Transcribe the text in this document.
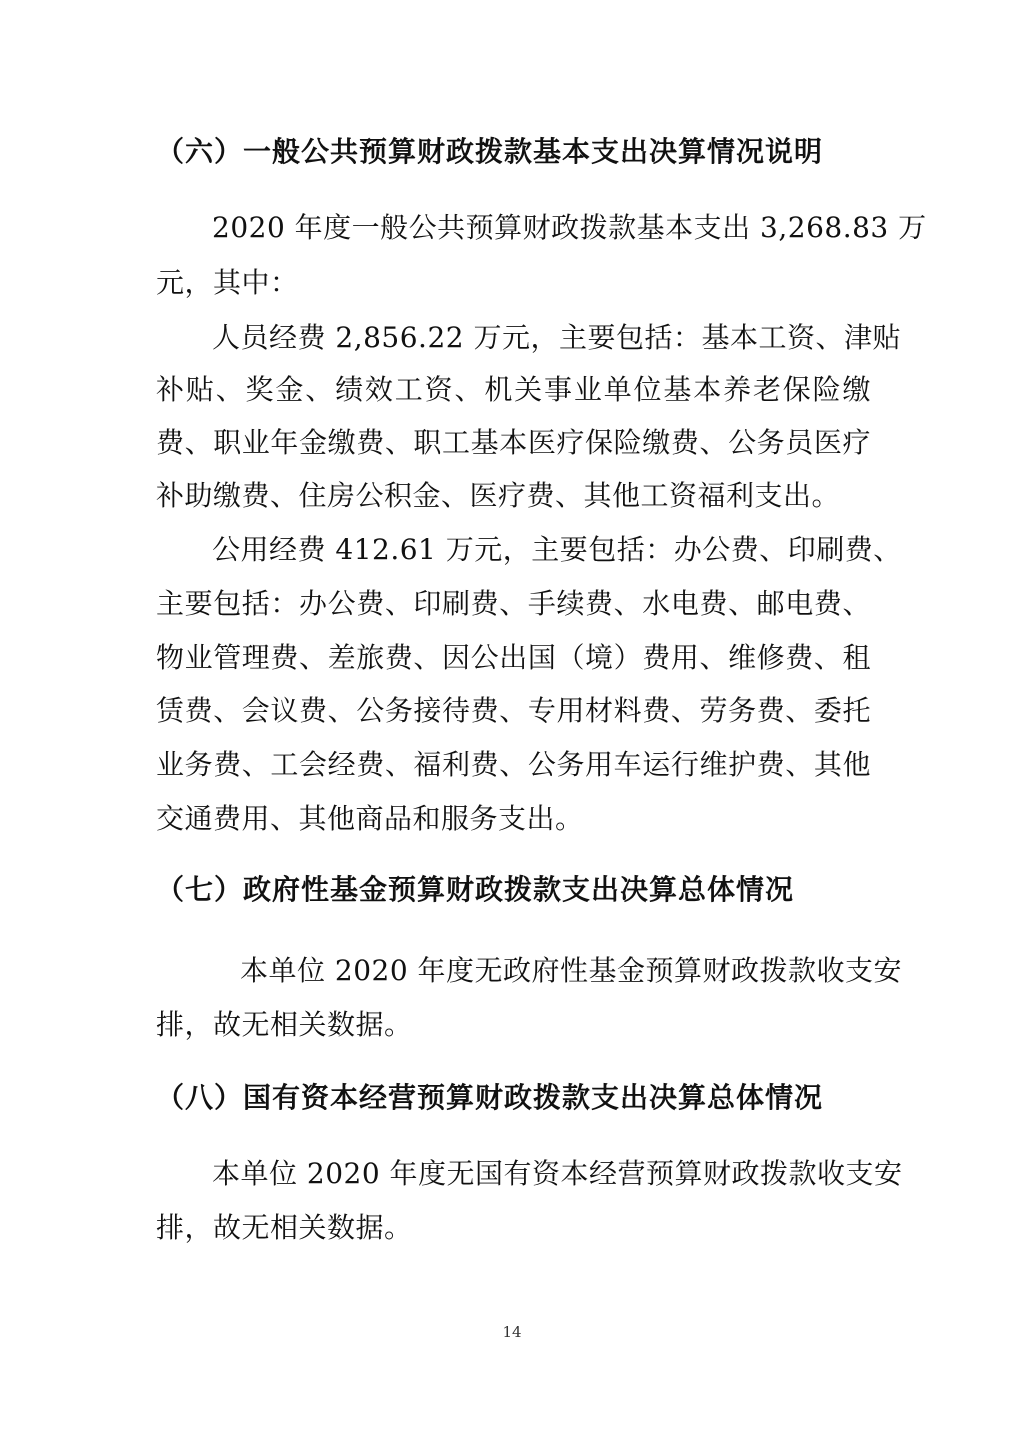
（六）一般公共预算财政拨款基本支出决算情况说明
2020 年度一般公共预算财政拨款基本支出 3,268.83 万
元，其中：
人员经费 2,856.22 万元，主要包括：基本工资、津贴
补贴、奖金、绩效工资、机关事业单位基本养老保险缴
费、职业年金缴费、职工基本医疗保险缴费、公务员医疗
补助缴费、住房公积金、医疗费、其他工资福利支出。
公用经费 412.61 万元，主要包括：办公费、印刷费、
主要包括：办公费、印刷费、手续费、水电费、邮电费、
物业管理费、差旅费、因公出国（境）费用、维修费、租
赁费、会议费、公务接待费、专用材料费、劳务费、委托
业务费、工会经费、福利费、公务用车运行维护费、其他
交通费用、其他商品和服务支出。
（七）政府性基金预算财政拨款支出决算总体情况
本单位 2020 年度无政府性基金预算财政拨款收支安
排，故无相关数据。
（八）国有资本经营预算财政拨款支出决算总体情况
本单位 2020 年度无国有资本经营预算财政拨款收支安
排，故无相关数据。
14
